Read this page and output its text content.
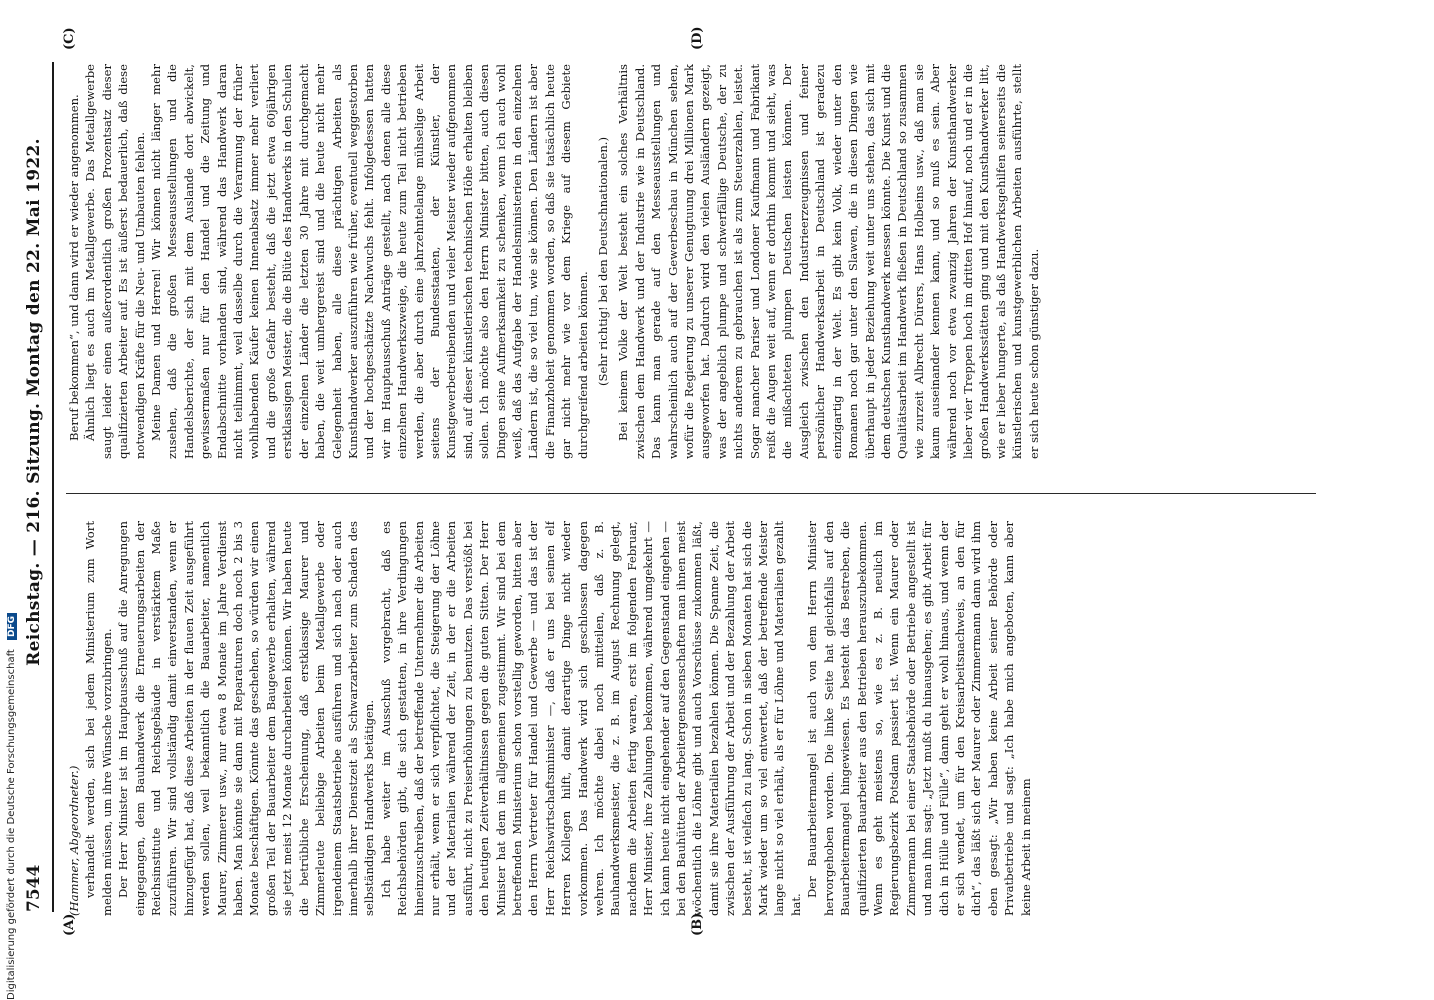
7544
Reichstag. — 216. Sitzung. Montag den 22. Mai 1922.
(A)	(B)
(C)	(D)

(Hammer, Abgeordneter.) verhandelt werden, sich bei jedem Ministerium zum Wort melden müssen, um ihre Wünsche vorzubringen. Der Herr Minister ist im Hauptausschuß auf die Anregungen eingegangen, dem Bauhandwerk die Erneuerungsarbeiten der Reichsinstitute und Reichsgebäude in verstärktem Maße zuzuführen. Wir sind vollständig damit einverstanden, wenn er hinzugefügt hat, daß diese Arbeiten in der flauen Zeit ausgeführt werden sollen, weil bekanntlich die Bauarbeiter, namentlich Maurer, Zimmerer usw., nur etwa 8 Monate im Jahre Verdienst haben. Man könnte sie dann mit Reparaturen doch noch 2 bis 3 Monate beschäftigen. Könnte das geschehen, so würden wir einen großen Teil der Bauarbeiter dem Baugewerbe erhalten, während sie jetzt meist 12 Monate durcharbeiten können. Wir haben heute die betrübliche Erscheinung, daß erstklassige Maurer und Zimmerleute beliebige Arbeiten beim Metallgewerbe oder irgendeinem Staatsbetriebe ausführen und sich nach oder auch innerhalb ihrer Dienstzeit als Schwarzarbeiter zum Schaden des selbständigen Handwerks betätigen. Ich habe weiter im Ausschuß vorgebracht, daß es Reichsbehörden gibt, die sich gestatten, in ihre Verdingungen hineinzuschreiben, daß der betreffende Unternehmer die Arbeiten nur erhält, wenn er sich verpflichtet, die Steigerung der Löhne und der Materialien während der Zeit, in der er die Arbeiten ausführt, nicht zu Preiserhöhungen zu benutzen. Das verstößt bei den heutigen Zeitverhältnissen gegen die guten Sitten. Der Herr Minister hat dem im allgemeinen zugestimmt. Wir sind bei dem betreffenden Ministerium schon vorstellig geworden, bitten aber den Herrn Vertreter für Handel und Gewerbe — und das ist der Herr Reichswirtschaftsminister —, daß er uns bei seinen elf Herren Kollegen hilft, damit derartige Dinge nicht wieder vorkommen. Das Handwerk wird sich geschlossen dagegen wehren. Ich möchte dabei noch mitteilen, daß z. B. Bauhandwerksmeister, die z. B. im August Rechnung gelegt, nachdem die Arbeiten fertig waren, erst im folgenden Februar, Herr Minister, ihre Zahlungen bekommen, während umgekehrt — ich kann heute nicht eingehender auf den Gegenstand eingehen — bei den Bauhütten der Arbeitergenossenschaften man ihnen meist wöchentlich die Löhne gibt und auch Vorschüsse zukommen läßt, damit sie ihre Materialien bezahlen können. Die Spanne Zeit, die zwischen der Ausführung der Arbeit und der Bezahlung der Arbeit besteht, ist vielfach zu lang. Schon in sieben Monaten hat sich die Mark wieder um so viel entwertet, daß der betreffende Meister lange nicht so viel erhält, als er für Löhne und Materialien gezahlt hat.

Der Bauarbeitermangel ist auch von dem Herrn Minister hervorgehoben worden. Die linke Seite hat gleichfalls auf den Bauarbeitermangel hingewiesen. Es besteht das Bestreben, die qualifizierten Bauarbeiter aus den Betrieben herauszubekommen. Wenn es geht meistens so, wie es z. B. neulich im Regierungsbezirk Potsdam passiert ist. Wenn ein Maurer oder Zimmermann bei einer Staatsbehörde oder Betriebe angestellt ist und man ihm sagt: „Jetzt mußt du hinausgehen; es gibt Arbeit für dich in Hülle und Fülle“, dann geht er wohl hinaus, und wenn der er sich wendet, um für den Kreisarbeitsnachweis, an den für dich“, das läßt sich der Maurer oder Zimmermann dann wird ihm eben gesagt: „Wir haben keine Arbeit seiner Behörde oder Privatbetriebe und sagt: „Ich habe mich angeboten, kann aber keine Arbeit in meinem

Beruf bekommen“, und dann wird er wieder angenommen. Ähnlich liegt es auch im Metallgewerbe. Das Metallgewerbe saugt leider einen außerordentlich großen Prozentsatz dieser qualifizierten Arbeiter auf. Es ist äußerst bedauerlich, daß diese notwendigen Kräfte für die Neu- und Umbauten fehlen. Meine Damen und Herren! Wir können nicht länger mehr zusehen, daß die großen Messeausstellungen und die Handelsberichte, der sich mit dem Auslande dort abwickelt, gewissermaßen nur für den Handel und die Zeitung und Endabschnitte vorhanden sind, während das Handwerk daran nicht teilnimmt, weil dasselbe durch die Verarmung der früher wohlhabenden Käufer keinen Innenabsatz immer mehr verliert und die große Gefahr besteht, daß die jetzt etwa 60jährigen erstklassigen Meister, die die Blüte des Handwerks in den Schulen der einzelnen Länder die letzten 30 Jahre mit durchgemacht haben, die weit umhergereist sind und die heute nicht mehr Gelegenheit haben, alle diese prächtigen Arbeiten als Kunsthandwerker auszuführen wie früher, eventuell weggestorben und der hochgeschätzte Nachwuchs fehlt. Infolgedessen hatten wir im Hauptausschuß Anträge gestellt, nach denen alle diese einzelnen Handwerkszweige, die heute zum Teil nicht betrieben werden, die aber durch eine jahrzehntelange mühselige Arbeit seitens der Bundesstaaten, der Künstler, der Kunstgewerbetreibenden und vieler Meister wieder aufgenommen sind, auf dieser künstlerischen technischen Höhe erhalten bleiben sollen. Ich möchte also den Herrn Minister bitten, auch diesen Dingen seine Aufmerksamkeit zu schenken, wenn ich auch wohl weiß, daß das Aufgabe der Handelsministerien in den einzelnen Ländern ist, die so viel tun, wie sie können. Den Ländern ist aber die Finanzhoheit genommen worden, so daß sie tatsächlich heute gar nicht mehr wie vor dem Kriege auf diesem Gebiete durchgreifend arbeiten können. (Sehr richtig! bei den Deutschnationalen.) Bei keinem Volke der Welt besteht ein solches Verhältnis zwischen dem Handwerk und der Industrie wie in Deutschland. Das kann man gerade auf den Messeausstellungen und wahrscheinlich auch auf der Gewerbeschau in München sehen, wofür die Regierung zu unserer Genugtuung drei Millionen Mark ausgeworfen hat. Dadurch wird den vielen Ausländern gezeigt, was der angeblich plumpe und schwerfällige Deutsche, der zu nichts anderem zu gebrauchen ist als zum Steuerzahlen, leistet. Sogar mancher Pariser und Londoner Kaufmann und Fabrikant reißt die Augen weit auf, wenn er dorthin kommt und sieht, was die mißachteten plumpen Deutschen leisten können. Der Ausgleich zwischen den Industrieerzeugnissen und feiner persönlicher Handwerksarbeit in Deutschland ist geradezu einzigartig in der Welt. Es gibt kein Volk, wieder unter den Romanen noch gar unter den Slawen, die in diesen Dingen wie überhaupt in jeder Beziehung weit unter uns stehen, das sich mit dem deutschen Kunsthandwerk messen könnte. Die Kunst und die Qualitätsarbeit im Handwerk fließen in Deutschland so zusammen wie zurzeit Albrecht Dürers, Hans Holbeins usw., daß man sie kaum auseinander kennen kann, und so muß es sein. Aber während noch vor etwa zwanzig Jahren der Kunsthandwerker lieber vier Treppen hoch im dritten Hof hinauf, noch und er in die großen Handwerksstätten ging und mit den Kunsthandwerker litt, wie er lieber hungerte, als daß Handwerksgehilfen seinerseits die künstlerischen und kunstgewerblichen Arbeiten ausführte, stellt er sich heute schon günstiger dazu.

Digitalisierung gefördert durch die Deutsche Forschungsgemeinschaft DFG
